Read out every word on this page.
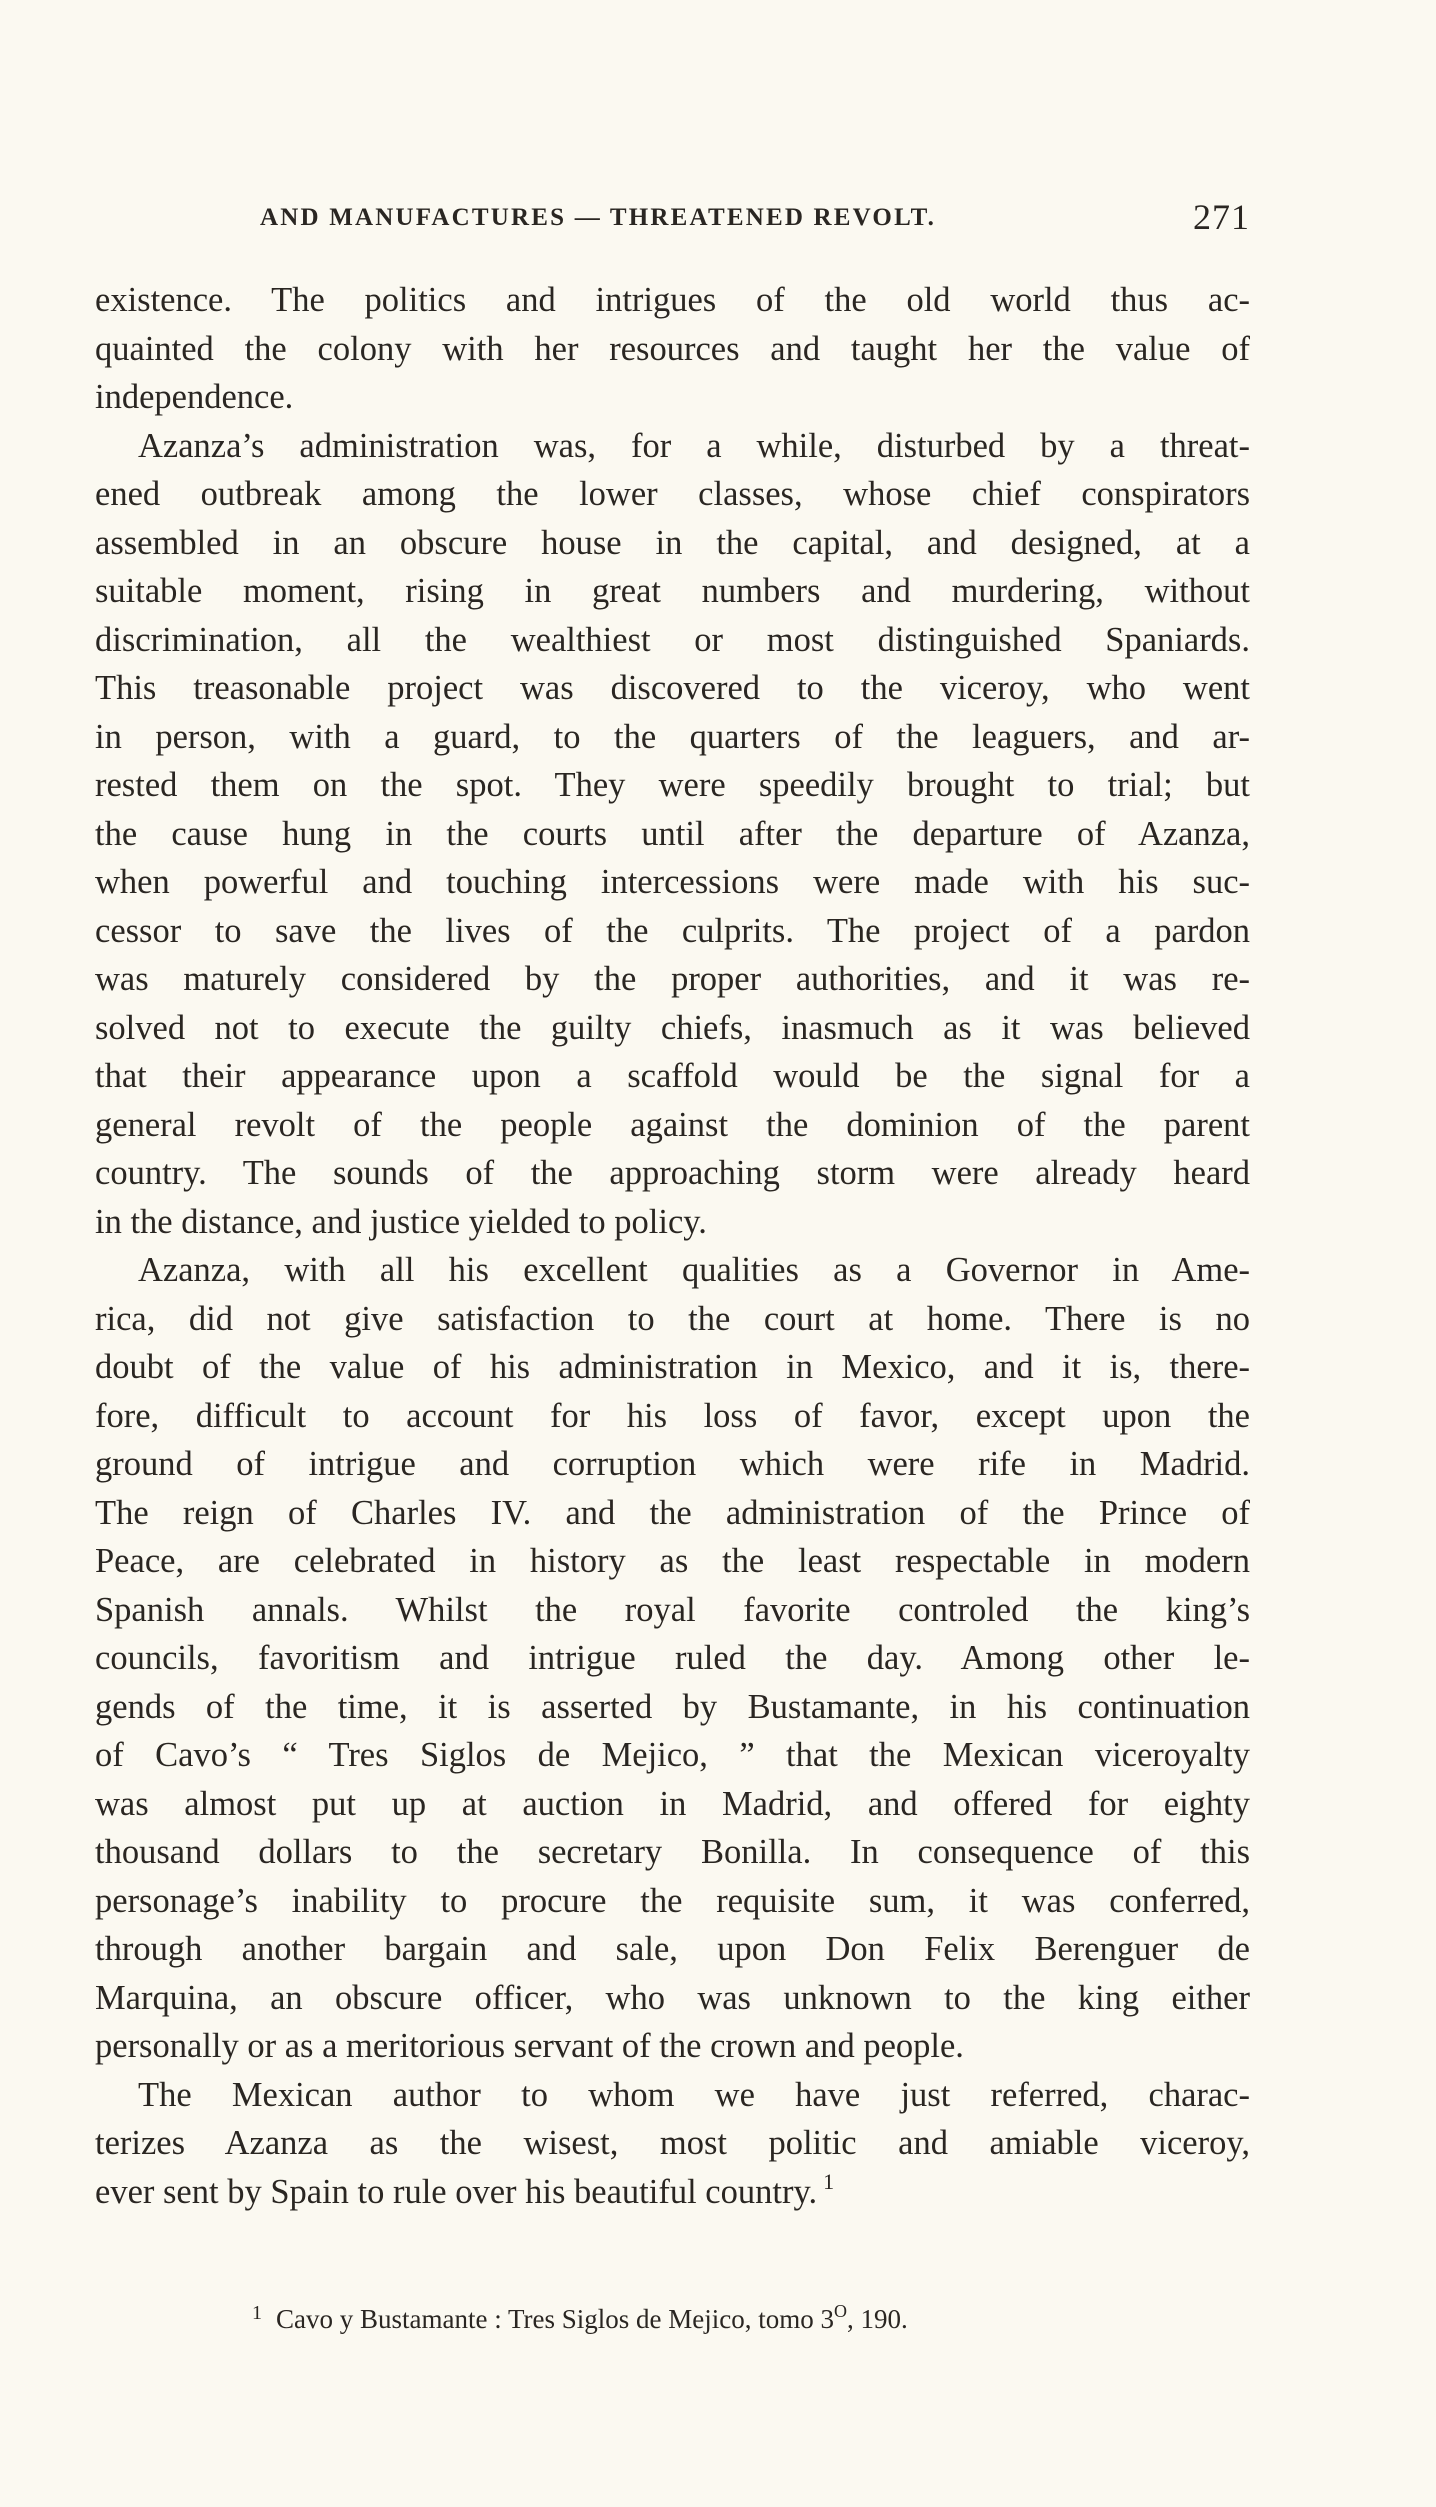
AND MANUFACTURES — THREATENED REVOLT.	271
existence. The politics and intrigues of the old world thus ac-
quainted the colony with her resources and taught her the value of
independence.
Azanza’s administration was, for a while, disturbed by a threat-
ened outbreak among the lower classes, whose chief conspirators
assembled in an obscure house in the capital, and designed, at a
suitable moment, rising in great numbers and murdering, without
discrimination, all the wealthiest or most distinguished Spaniards.
This treasonable project was discovered to the viceroy, who went
in person, with a guard, to the quarters of the leaguers, and ar-
rested them on the spot. They were speedily brought to trial; but
the cause hung in the courts until after the departure of Azanza,
when powerful and touching intercessions were made with his suc-
cessor to save the lives of the culprits. The project of a pardon
was maturely considered by the proper authorities, and it was re-
solved not to execute the guilty chiefs, inasmuch as it was believed
that their appearance upon a scaffold would be the signal for a
general revolt of the people against the dominion of the parent
country. The sounds of the approaching storm were already heard
in the distance, and justice yielded to policy.
Azanza, with all his excellent qualities as a Governor in Ame-
rica, did not give satisfaction to the court at home. There is no
doubt of the value of his administration in Mexico, and it is, there-
fore, difficult to account for his loss of favor, except upon the
ground of intrigue and corruption which were rife in Madrid.
The reign of Charles IV. and the administration of the Prince of
Peace, are celebrated in history as the least respectable in modern
Spanish annals. Whilst the royal favorite controled the king’s
councils, favoritism and intrigue ruled the day. Among other le-
gends of the time, it is asserted by Bustamante, in his continuation
of Cavo’s “ Tres Siglos de Mejico, ” that the Mexican viceroyalty
was almost put up at auction in Madrid, and offered for eighty
thousand dollars to the secretary Bonilla. In consequence of this
personage’s inability to procure the requisite sum, it was conferred,
through another bargain and sale, upon Don Felix Berenguer de
Marquina, an obscure officer, who was unknown to the king either
personally or as a meritorious servant of the crown and people.
The Mexican author to whom we have just referred, charac-
terizes Azanza as the wisest, most politic and amiable viceroy,
ever sent by Spain to rule over his beautiful country. $^1$
$^1$ Cavo y Bustamante : Tres Siglos de Mejico, tomo 3$^O$, 190.
